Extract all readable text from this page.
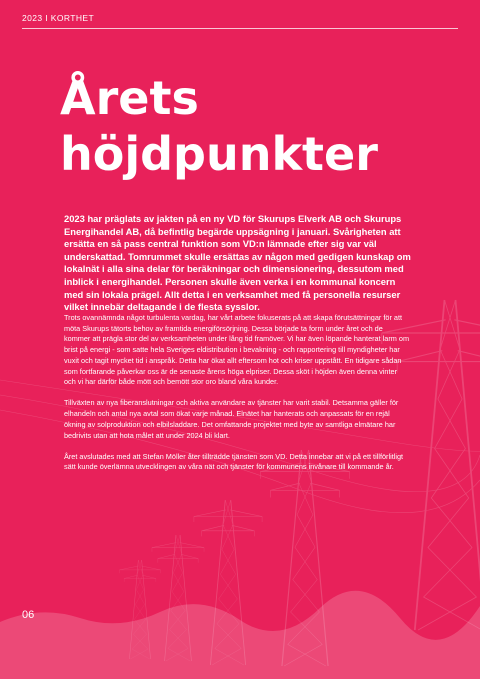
2023 I KORTHET
Årets
höjdpunkter

2023 har präglats av jakten på en ny VD för Skurups Elverk AB och Skurups Energihandel AB, då befintlig begärde uppsägning i januari. Svårigheten att ersätta en så pass central funktion som VD:n lämnade efter sig var väl underskattad. Tomrummet skulle ersättas av någon med gedigen kunskap om lokalnät i alla sina delar för beräkningar och dimensionering, dessutom med inblick i energihandel. Personen skulle även verka i en kommunal koncern med sin lokala prägel. Allt detta i en verksamhet med få personella resurser vilket innebär deltagande i de flesta sysslor.

Trots ovannämnda något turbulenta vardag, har vårt arbete fokuserats på att skapa förutsättningar för att möta Skurups tätorts behov av framtida energiförsörjning. Dessa började ta form under året och de kommer att prägla stor del av verksamheten under lång tid framöver. Vi har även löpande hanterat larm om brist på energi - som satte hela Sveriges eldistribution i bevakning - och rapportering till myndigheter har vuxit och tagit mycket tid i anspråk. Detta har ökat allt eftersom hot och kriser uppstått. En tidigare sådan som fortfarande påverkar oss är de senaste årens höga elpriser. Dessa sköt i höjden även denna vinter och vi har därför både mött och bemött stor oro bland våra kunder.

Tillväxten av nya fiberanslutningar och aktiva användare av tjänster har varit stabil. Detsamma gäller för elhandeln och antal nya avtal som ökat varje månad. Elnätet har hanterats och anpassats för en rejäl ökning av solproduktion och elbilsladdare. Det omfattande projektet med byte av samtliga elmätare har bedrivits utan att hota målet att under 2024 bli klart.

Året avslutades med att Stefan Möller åter tillträdde tjänsten som VD. Detta innebar att vi på ett tillförlitligt sätt kunde överlämna utvecklingen av våra nät och tjänster för kommunens invånare till kommande år.

06
